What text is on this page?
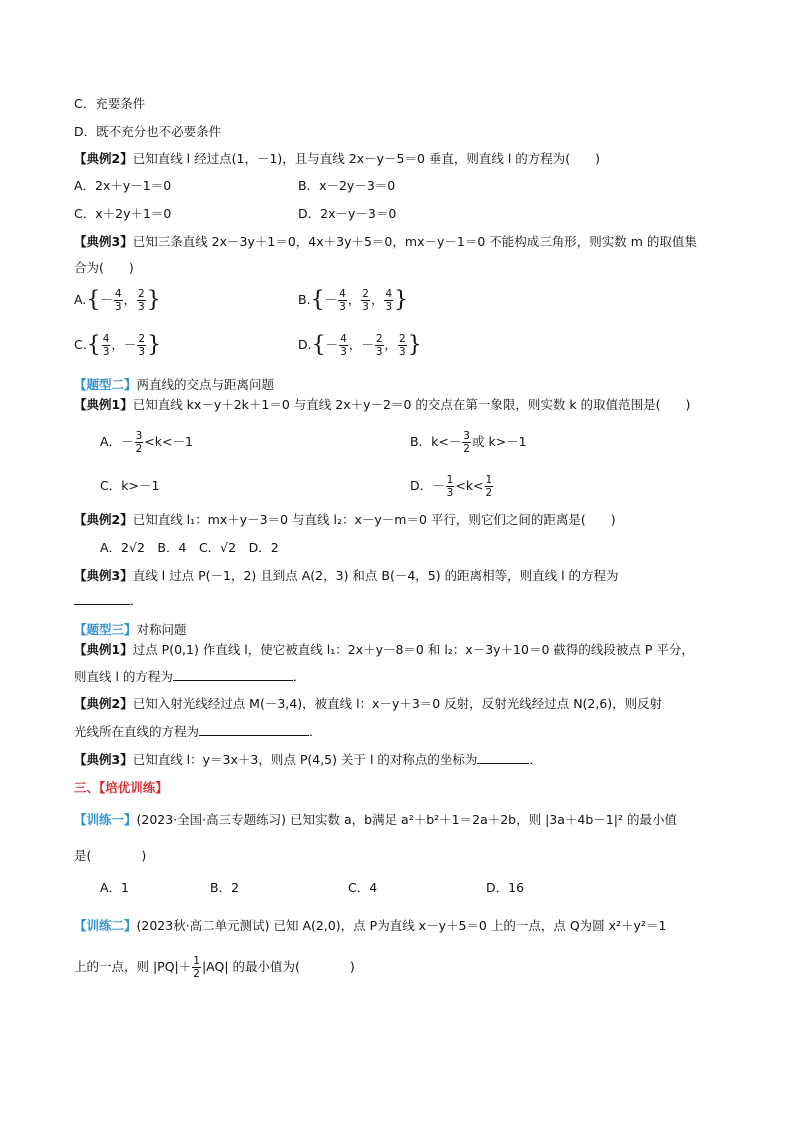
C．充要条件
D．既不充分也不必要条件
【典例2】已知直线 l 经过点(1，－1)，且与直线 2x－y－5＝0 垂直，则直线 l 的方程为(　　)
A．2x＋y－1＝0	B．x－2y－3＝0
C．x＋2y＋1＝0	D．2x－y－3＝0
【典例3】已知三条直线 2x－3y＋1＝0，4x＋3y＋5＝0，mx－y－1＝0 不能构成三角形，则实数 m 的取值集
合为(　　)
$A.\{- \frac{4}{3}$ ， $\frac{2}{3}$ }	$B.\{- \frac{4}{3}$ ， $\frac{2}{3}$ ， $\frac{4}{3}$ }
$C.\{ \frac{4}{3}$ ，－ $\frac{2}{3}$ }	$D.\{- \frac{4}{3}$ ，－ $\frac{2}{3}$ ， $\frac{2}{3}$ }
【题型二】两直线的交点与距离问题
【典例1】已知直线 kx－y＋2k＋1＝0 与直线 2x＋y－2＝0 的交点在第一象限，则实数 k 的取值范围是(　　)
A．－ $\frac{3}{2} <k<-1$	B．$k<- \frac{3}{2}$ 或 k>－1
C．k>－1	D．－ $\frac{1}{3} <k< \frac{1}{2}$
【典例2】已知直线 l₁：mx＋y－3＝0 与直线 l₂：x－y－m＝0 平行，则它们之间的距离是(　　)
A．2√2　B．4　C．√2　D．2
【典例3】直线 l 过点 P(－1，2) 且到点 A(2，3) 和点 B(－4，5) 的距离相等，则直线 l 的方程为
．
【题型三】对称问题
【典例1】过点 P(0,1) 作直线 l，使它被直线 l₁：2x＋y－8＝0 和 l₂：x－3y＋10＝0 截得的线段被点 P 平分，
则直线 l 的方程为	．
【典例2】已知入射光线经过点 M(－3,4)，被直线 l：x－y＋3＝0 反射，反射光线经过点 N(2,6)，则反射
光线所在直线的方程为	．
【典例3】已知直线 l：y＝3x＋3，则点 P(4,5) 关于 l 的对称点的坐标为	．
三、【培优训练】
【训练一】(2023·全国·高三专题练习) 已知实数 a，b满足 a²＋b²＋1＝2a＋2b，则 |3a＋4b－1|² 的最小值
是(　　　　)
A．1	B．2	C．4	D．16
【训练二】(2023秋·高二单元测试) 已知 A(2,0)，点 P为直线 x－y＋5＝0 上的一点，点 Q为圆 x²＋y²＝1
上的一点，则 $|PQ|+ \frac{1}{2} |AQ|$ 的最小值为(　　　　)
